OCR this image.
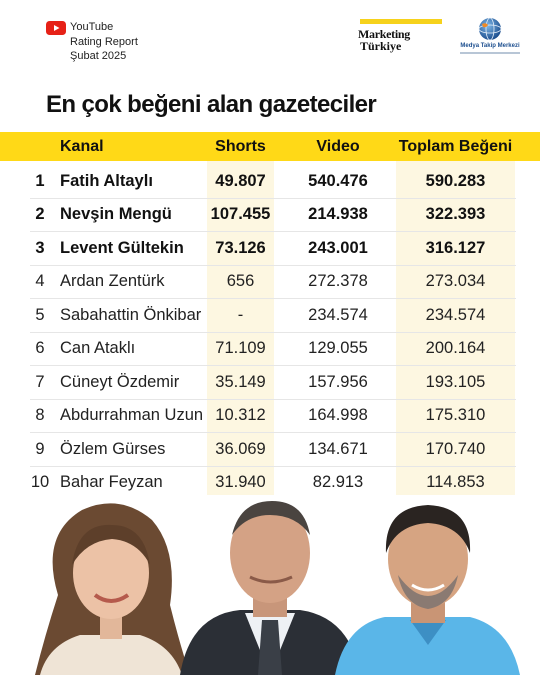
YouTube
Rating Report
Şubat 2025
Marketing
Türkiye	Medya Takip Merkezi
En çok beğeni alan gazeteciler
Kanal	Shorts	Video	Toplam Beğeni
1 Fatih Altaylı	49.807	540.476	590.283
2 Nevşin Mengü 107.455	214.938	322.393
3 Levent Gültekin	73.126	243.001	316.127
4 Ardan Zentürk	656	272.378	273.034
5 Sabahattin Önkibar	-	234.574	234.574
6 Can Ataklı	71.109	129.055	200.164
7 Cüneyt Özdemir	35.149	157.956	193.105
8 Abdurrahman Uzun 10.312	164.998	175.310
9 Özlem Gürses	36.069	134.671	170.740
10 Bahar Feyzan	31.940	82.913	114.853
